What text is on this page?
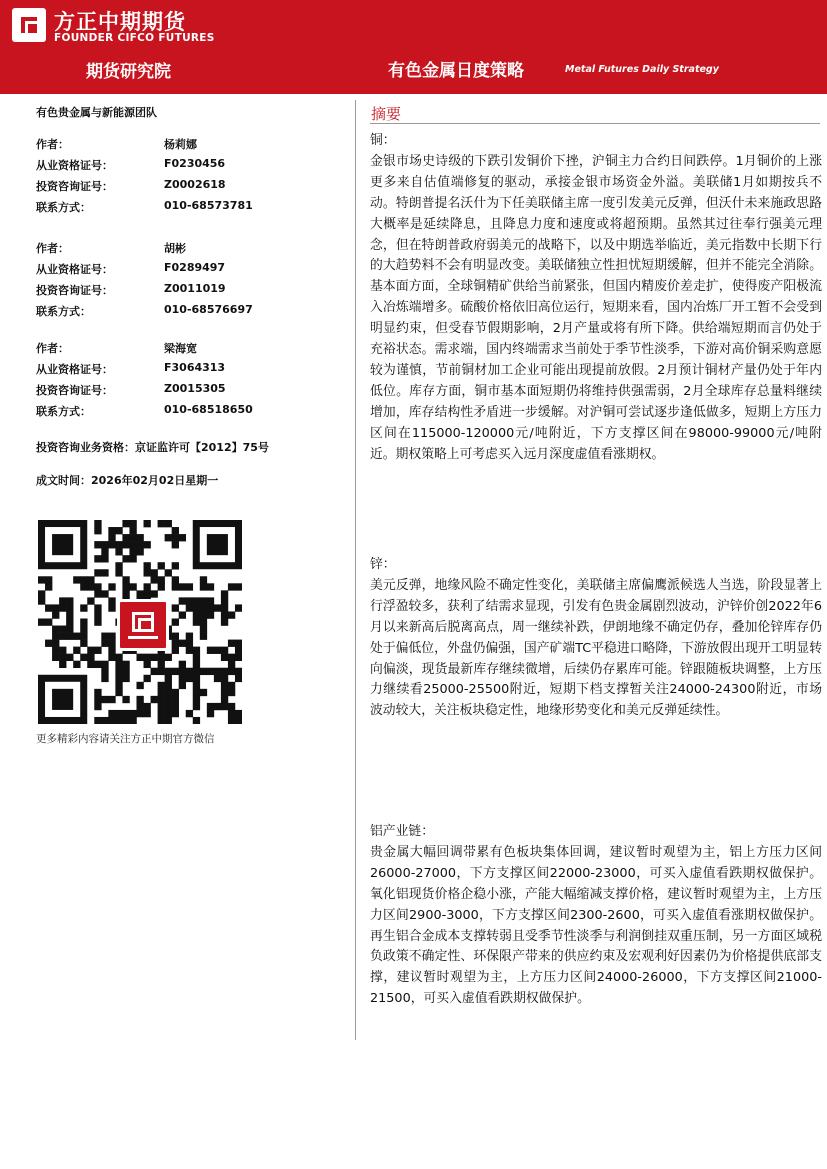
方正中期期货
FOUNDER CIFCO FUTURES
期货研究院	有色金属日度策略	Metal Futures Daily Strategy
有色贵金属与新能源团队
作者：	杨莉娜
从业资格证号：	F0230456
投资咨询证号：	Z0002618
联系方式：	010-68573781
作者：	胡彬
从业资格证号：	F0289497
投资咨询证号：	Z0011019
联系方式：	010-68576697
作者：	梁海宽
从业资格证号：	F3064313
投资咨询证号：	Z0015305
联系方式：	010-68518650
投资咨询业务资格：京证监许可【2012】75号
成文时间：2026年02月02日星期一
更多精彩内容请关注方正中期官方微信
摘要
铜：
金银市场史诗级的下跌引发铜价下挫，沪铜主力合约日间跌停。1月铜价的上涨更多来自估值端修复的驱动，承接金银市场资金外溢。美联储1月如期按兵不动。特朗普提名沃什为下任美联储主席一度引发美元反弹，但沃什未来施政思路大概率是延续降息，且降息力度和速度或将超预期。虽然其过往奉行强美元理念，但在特朗普政府弱美元的战略下，以及中期选举临近，美元指数中长期下行的大趋势料不会有明显改变。美联储独立性担忧短期缓解，但并不能完全消除。基本面方面，全球铜精矿供给当前紧张，但国内精废价差走扩，使得废产阳极流入冶炼端增多。硫酸价格依旧高位运行，短期来看，国内冶炼厂开工暂不会受到明显约束，但受春节假期影响，2月产量或将有所下降。供给端短期而言仍处于充裕状态。需求端，国内终端需求当前处于季节性淡季，下游对高价铜采购意愿较为谨慎，节前铜材加工企业可能出现提前放假。2月预计铜材产量仍处于年内低位。库存方面，铜市基本面短期仍将维持供强需弱，2月全球库存总量料继续增加，库存结构性矛盾进一步缓解。对沪铜可尝试逐步逢低做多，短期上方压力区间在115000-120000元/吨附近，下方支撑区间在98000-99000元/吨附近。期权策略上可考虑买入远月深度虚值看涨期权。
锌：
美元反弹，地缘风险不确定性变化，美联储主席偏鹰派候选人当选，阶段显著上行浮盈较多，获利了结需求显现，引发有色贵金属剧烈波动，沪锌价创2022年6月以来新高后脱离高点，周一继续补跌，伊朗地缘不确定仍存，叠加伦锌库存仍处于偏低位，外盘仍偏强，国产矿端TC平稳进口略降，下游放假出现开工明显转向偏淡，现货最新库存继续微增，后续仍存累库可能。锌跟随板块调整，上方压力继续看25000-25500附近，短期下档支撑暂关注24000-24300附近，市场波动较大，关注板块稳定性，地缘形势变化和美元反弹延续性。
铝产业链：
贵金属大幅回调带累有色板块集体回调，建议暂时观望为主，铝上方压力区间26000-27000，下方支撑区间22000-23000，可买入虚值看跌期权做保护。氧化铝现货价格企稳小涨，产能大幅缩减支撑价格，建议暂时观望为主，上方压力区间2900-3000，下方支撑区间2300-2600，可买入虚值看涨期权做保护。再生铝合金成本支撑转弱且受季节性淡季与利润倒挂双重压制，另一方面区域税负政策不确定性、环保限产带来的供应约束及宏观利好因素仍为价格提供底部支撑，建议暂时观望为主，上方压力区间24000-26000，下方支撑区间21000-21500，可买入虚值看跌期权做保护。
